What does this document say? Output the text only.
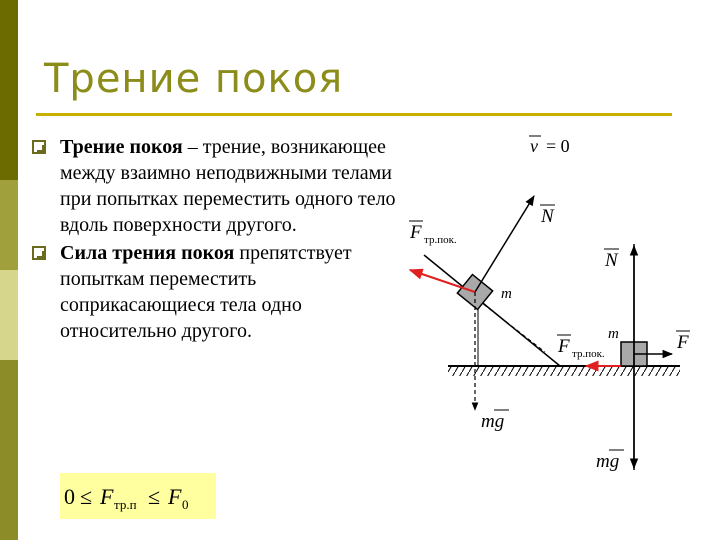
Трение покоя
Трение покоя – трение, возникающее между взаимно неподвижными телами при попытках переместить одного тело вдоль поверхности другого.
Сила трения покоя препятствует попыткам переместить соприкасающиеся тела одно относительно другого.
0 ≤ F тр.п ≤ F 0
v = 0
F тр.пок.
N
m
mg
N
m	F
F тр.пок.
mg
